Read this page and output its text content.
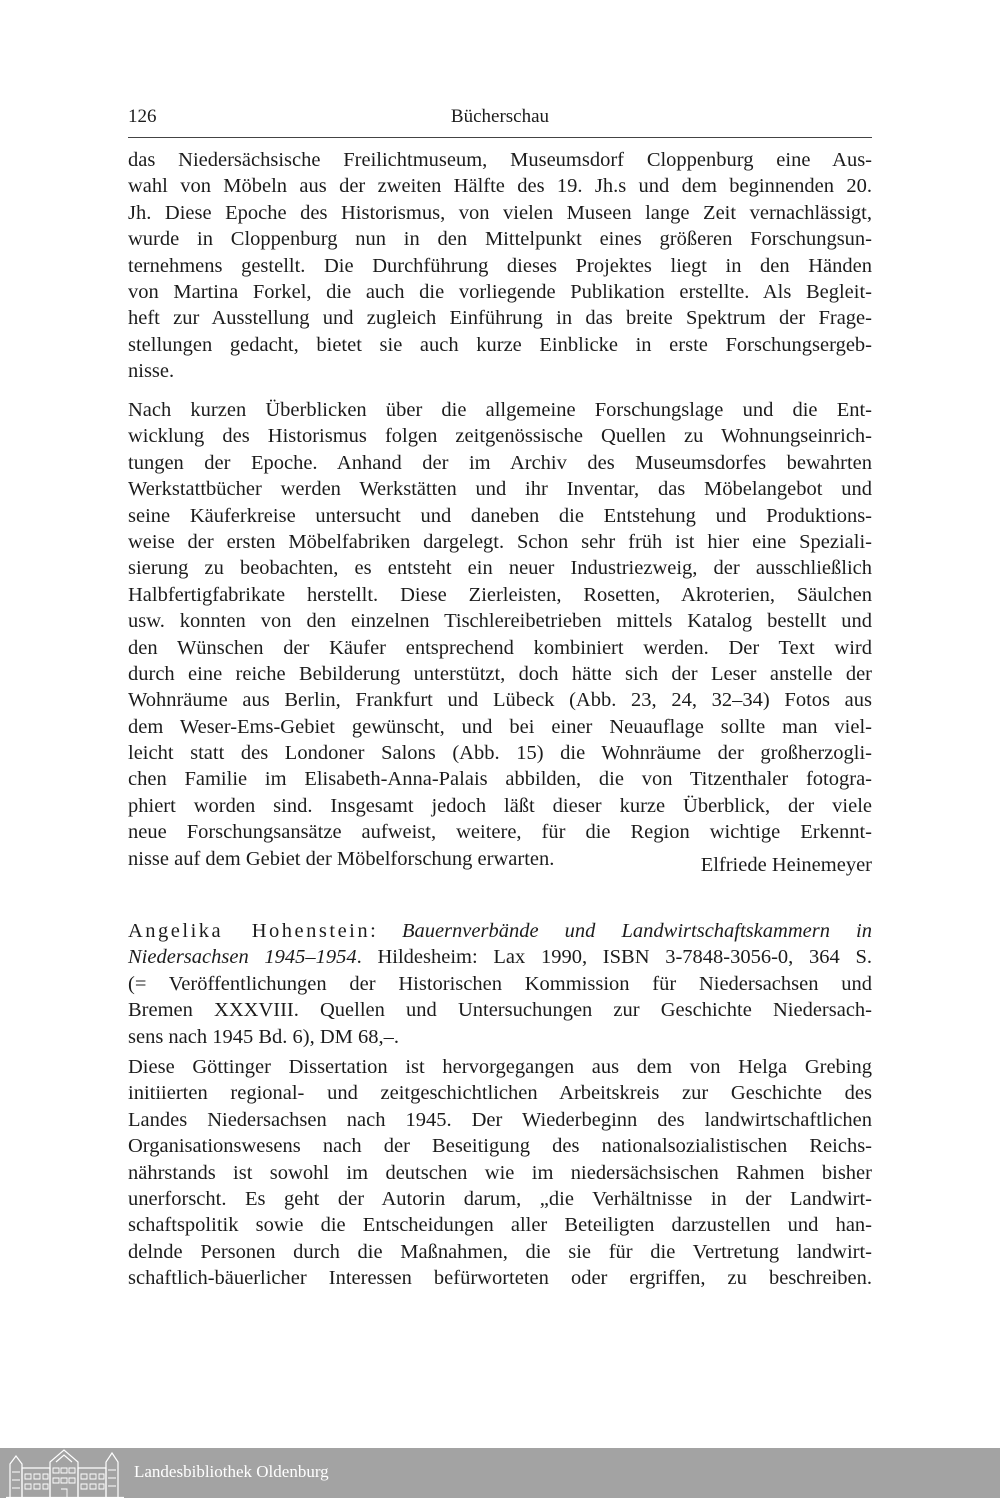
126	Bücherschau
das Niedersächsische Freilichtmuseum, Museumsdorf Cloppenburg eine Aus-
wahl von Möbeln aus der zweiten Hälfte des 19. Jh.s und dem beginnenden 20.
Jh. Diese Epoche des Historismus, von vielen Museen lange Zeit vernachlässigt,
wurde in Cloppenburg nun in den Mittelpunkt eines größeren Forschungsun-
ternehmens gestellt. Die Durchführung dieses Projektes liegt in den Händen
von Martina Forkel, die auch die vorliegende Publikation erstellte. Als Begleit-
heft zur Ausstellung und zugleich Einführung in das breite Spektrum der Frage-
stellungen gedacht, bietet sie auch kurze Einblicke in erste Forschungsergeb-
nisse.
Nach kurzen Überblicken über die allgemeine Forschungslage und die Ent-
wicklung des Historismus folgen zeitgenössische Quellen zu Wohnungseinrich-
tungen der Epoche. Anhand der im Archiv des Museumsdorfes bewahrten
Werkstattbücher werden Werkstätten und ihr Inventar, das Möbelangebot und
seine Käuferkreise untersucht und daneben die Entstehung und Produktions-
weise der ersten Möbelfabriken dargelegt. Schon sehr früh ist hier eine Speziali-
sierung zu beobachten, es entsteht ein neuer Industriezweig, der ausschließlich
Halbfertigfabrikate herstellt. Diese Zierleisten, Rosetten, Akroterien, Säulchen
usw. konnten von den einzelnen Tischlereibetrieben mittels Katalog bestellt und
den Wünschen der Käufer entsprechend kombiniert werden. Der Text wird
durch eine reiche Bebilderung unterstützt, doch hätte sich der Leser anstelle der
Wohnräume aus Berlin, Frankfurt und Lübeck (Abb. 23, 24, 32–34) Fotos aus
dem Weser-Ems-Gebiet gewünscht, und bei einer Neuauflage sollte man viel-
leicht statt des Londoner Salons (Abb. 15) die Wohnräume der großherzogli-
chen Familie im Elisabeth-Anna-Palais abbilden, die von Titzenthaler fotogra-
phiert worden sind. Insgesamt jedoch läßt dieser kurze Überblick, der viele
neue Forschungsansätze aufweist, weitere, für die Region wichtige Erkennt-
nisse auf dem Gebiet der Möbelforschung erwarten.	Elfriede Heinemeyer
Angelika Hohenstein: Bauernverbände und Landwirtschaftskammern in
Niedersachsen 1945–1954. Hildesheim: Lax 1990, ISBN 3-7848-3056-0, 364 S.
(= Veröffentlichungen der Historischen Kommission für Niedersachsen und
Bremen XXXVIII. Quellen und Untersuchungen zur Geschichte Niedersach-
sens nach 1945 Bd. 6), DM 68,–.
Diese Göttinger Dissertation ist hervorgegangen aus dem von Helga Grebing
initiierten regional- und zeitgeschichtlichen Arbeitskreis zur Geschichte des
Landes Niedersachsen nach 1945. Der Wiederbeginn des landwirtschaftlichen
Organisationswesens nach der Beseitigung des nationalsozialistischen Reichs-
nährstands ist sowohl im deutschen wie im niedersächsischen Rahmen bisher
unerforscht. Es geht der Autorin darum, „die Verhältnisse in der Landwirt-
schaftspolitik sowie die Entscheidungen aller Beteiligten darzustellen und han-
delnde Personen durch die Maßnahmen, die sie für die Vertretung landwirt-
schaftlich-bäuerlicher Interessen befürworteten oder ergriffen, zu beschreiben.
Landesbibliothek Oldenburg
